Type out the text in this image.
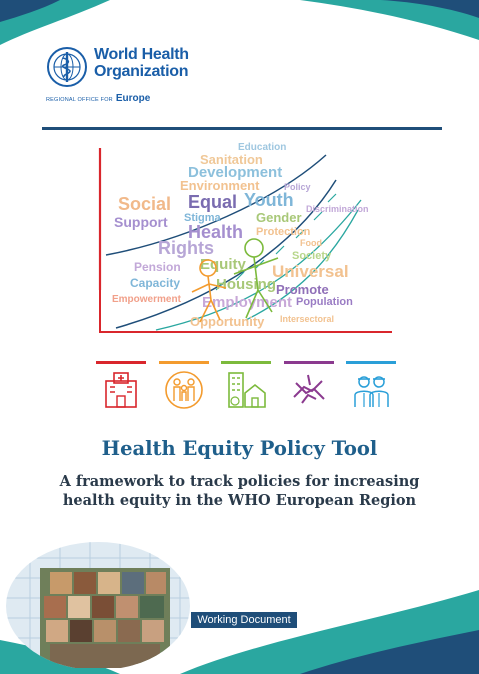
World Health
Organization
REGIONAL OFFICE FOR Europe
Education
Sanitation
Development
Environment	Policy
Social Equal Youth Discrimination
Support Stigma	Gender
Health Protection
Food
Rights	Society
Pension Equity Universal
Capacity Housing Promote
Empowerment Employment Population
Opportunity Intersectoral
Health Equity Policy Tool
A framework to track policies for increasing
health equity in the WHO European Region
Working Document
